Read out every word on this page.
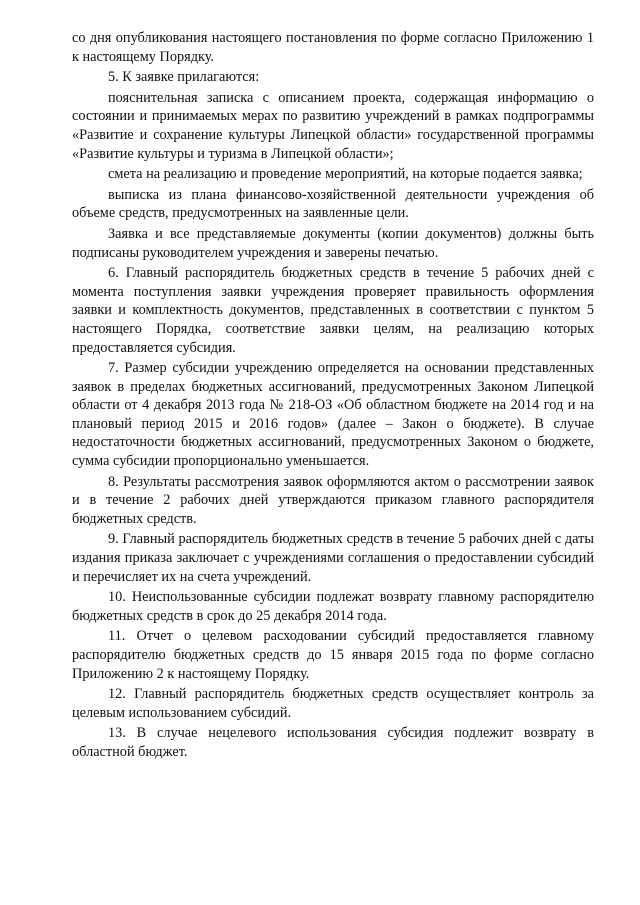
со дня опубликования настоящего постановления по форме согласно Приложению 1 к настоящему Порядку.

5. К заявке прилагаются:

пояснительная записка с описанием проекта, содержащая информацию о состоянии и принимаемых мерах по развитию учреждений в рамках подпрограммы «Развитие и сохранение культуры Липецкой области» государственной программы «Развитие культуры и туризма в Липецкой области»;

смета на реализацию и проведение мероприятий, на которые подается заявка;

выписка из плана финансово-хозяйственной деятельности учреждения об объеме средств, предусмотренных на заявленные цели.

Заявка и все представляемые документы (копии документов) должны быть подписаны руководителем учреждения и заверены печатью.

6. Главный распорядитель бюджетных средств в течение 5 рабочих дней с момента поступления заявки учреждения проверяет правильность оформления заявки и комплектность документов, представленных в соответствии с пунктом 5 настоящего Порядка, соответствие заявки целям, на реализацию которых предоставляется субсидия.

7. Размер субсидии учреждению определяется на основании представленных заявок в пределах бюджетных ассигнований, предусмотренных Законом Липецкой области от 4 декабря 2013 года № 218-ОЗ «Об областном бюджете на 2014 год и на плановый период 2015 и 2016 годов» (далее – Закон о бюджете). В случае недостаточности бюджетных ассигнований, предусмотренных Законом о бюджете, сумма субсидии пропорционально уменьшается.

8. Результаты рассмотрения заявок оформляются актом о рассмотрении заявок и в течение 2 рабочих дней утверждаются приказом главного распорядителя бюджетных средств.

9. Главный распорядитель бюджетных средств в течение 5 рабочих дней с даты издания приказа заключает с учреждениями соглашения о предоставлении субсидий и перечисляет их на счета учреждений.

10. Неиспользованные субсидии подлежат возврату главному распорядителю бюджетных средств в срок до 25 декабря 2014 года.

11. Отчет о целевом расходовании субсидий предоставляется главному распорядителю бюджетных средств до 15 января 2015 года по форме согласно Приложению 2 к настоящему Порядку.

12. Главный распорядитель бюджетных средств осуществляет контроль за целевым использованием субсидий.

13. В случае нецелевого использования субсидия подлежит возврату в областной бюджет.
